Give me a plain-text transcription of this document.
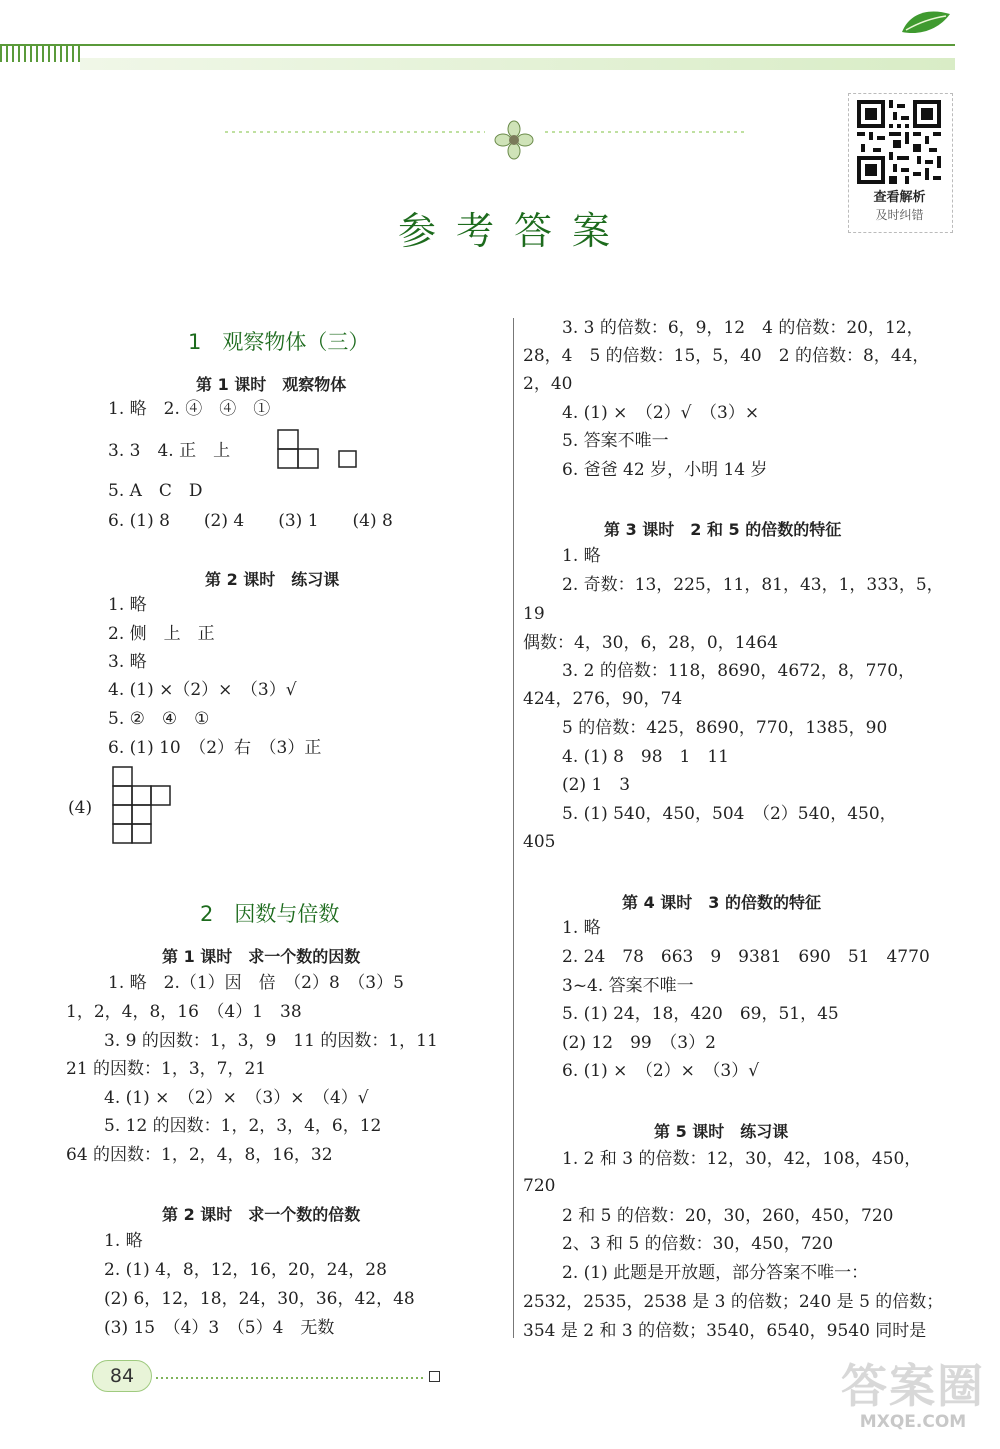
参考答案
查看解析
及时纠错
1　观察物体（三）
第 1 课时　观察物体
1. 略　2. ④　④　①
3. 3　4. 正　上
5. A　C　D
6. (1) 8　　(2) 4　　(3) 1　　(4) 8
第 2 课时　练习课
1. 略
2. 侧　上　正
3. 略
4. (1) ×（2）×　（3）√
5. ②　④　①
6. (1) 10　（2）右　（3）正
(4)
2　因数与倍数
第 1 课时　求一个数的因数
1. 略　2.（1）因　倍　（2）8　（3）5
1，2，4，8，16　（4）1　38
3. 9 的因数：1，3，9　11 的因数：1，11
21 的因数：1，3，7，21
4. (1) ×　（2）×　（3）×　（4）√
5. 12 的因数：1，2，3，4，6，12
64 的因数：1，2，4，8，16，32
第 2 课时　求一个数的倍数
1. 略
2. (1) 4，8，12，16，20，24，28
(2) 6，12，18，24，30，36，42，48
(3) 15　（4）3　（5）4　无数
3. 3 的倍数：6，9，12　4 的倍数：20，12，
28，4　5 的倍数：15，5，40　2 的倍数：8，44，
2，40
4. (1) ×　（2）√　（3）×
5. 答案不唯一
6. 爸爸 42 岁，小明 14 岁
第 3 课时　2 和 5 的倍数的特征
1. 略
2. 奇数：13，225，11，81，43，1，333，5，
19
偶数：4，30，6，28，0，1464
3. 2 的倍数：118，8690，4672，8，770，
424，276，90，74
5 的倍数：425，8690，770，1385，90
4. (1) 8　98　1　11
(2) 1　3
5. (1) 540，450，504　（2）540，450，
405
第 4 课时　3 的倍数的特征
1. 略
2. 24　78　663　9　9381　690　51　4770
3~4. 答案不唯一
5. (1) 24，18，420　69，51，45
(2) 12　99　（3）2
6. (1) ×　（2）×　（3）√
第 5 课时　练习课
1. 2 和 3 的倍数：12，30，42，108，450，
720
2 和 5 的倍数：20，30，260，450，720
2、3 和 5 的倍数：30，450，720
2. (1) 此题是开放题，部分答案不唯一：
2532，2535，2538 是 3 的倍数；240 是 5 的倍数；
354 是 2 和 3 的倍数；3540，6540，9540 同时是
84	答案圈
MXQE.COM
